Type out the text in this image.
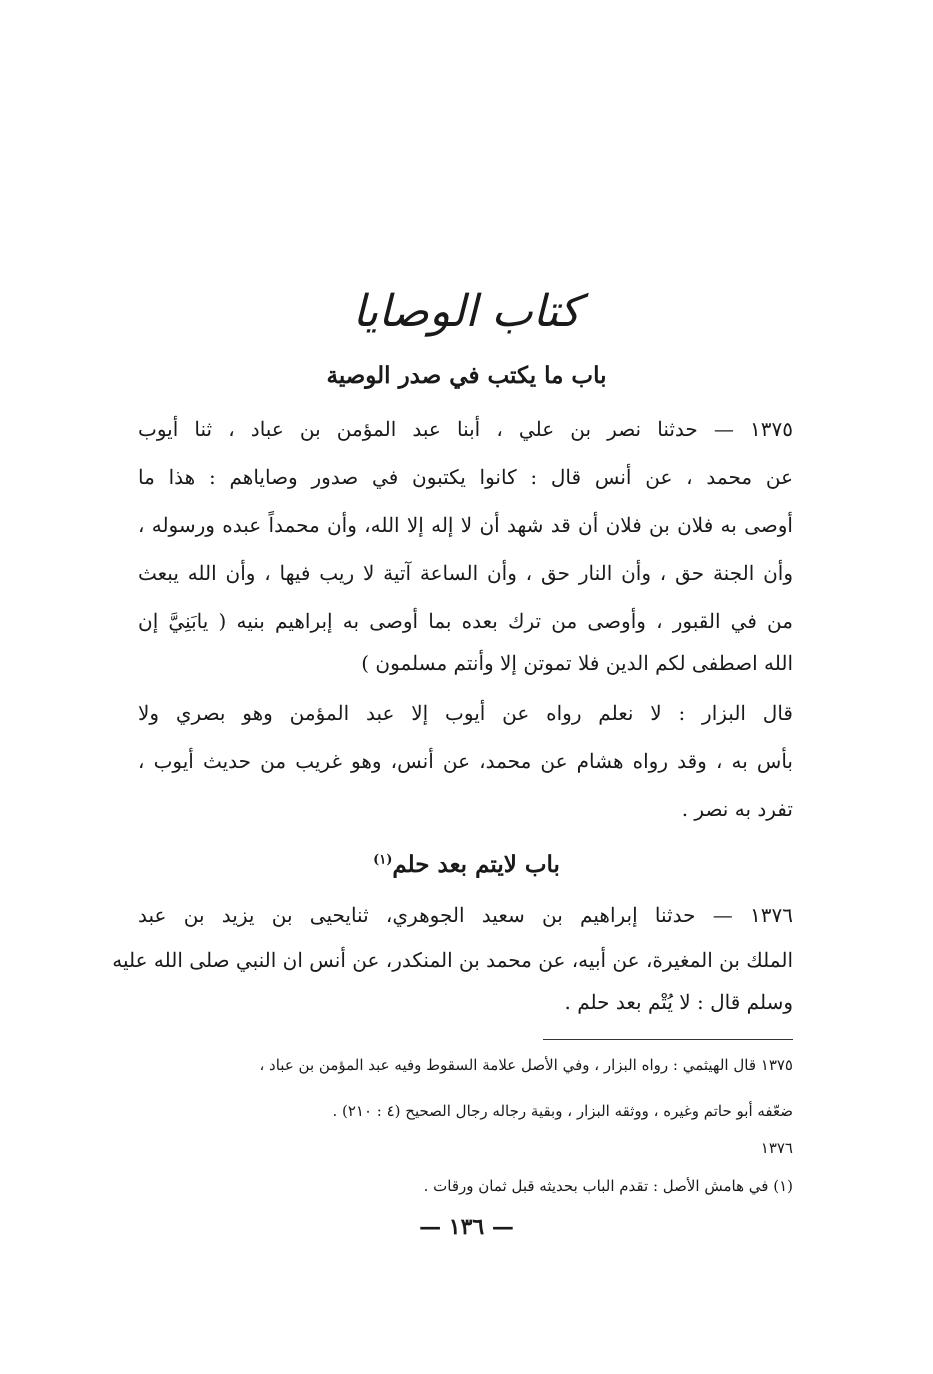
كتاب الوصايا
باب ما يكتب في صدر الوصية
١٣٧٥ — حدثنا نصر بن علي ، أبنا عبد المؤمن بن عباد ، ثنا أيوب
عن محمد ، عن أنس قال : كانوا يكتبون في صدور وصاياهم : هذا ما
أوصى به فلان بن فلان أن قد شهد أن لا إله إلا الله، وأن محمداً عبده ورسوله ،
وأن الجنة حق ، وأن النار حق ، وأن الساعة آتية لا ريب فيها ، وأن الله يبعث
من في القبور ، وأوصى من ترك بعده بما أوصى به إبراهيم بنيه ( يابَنِيَّ إن
الله اصطفى لكم الدين فلا تموتن إلا وأنتم مسلمون )
قال البزار : لا نعلم رواه عن أيوب إلا عبد المؤمن وهو بصري ولا
بأس به ، وقد رواه هشام عن محمد، عن أنس، وهو غريب من حديث أيوب ،
تفرد به نصر .
باب لايتم بعد حلم$^{(١)}$
١٣٧٦ — حدثنا إبراهيم بن سعيد الجوهري، ثنايحيى بن يزيد بن عبد
الملك بن المغيرة، عن أبيه، عن محمد بن المنكدر، عن أنس ان النبي صلى الله عليه
وسلم قال : لا يُتْم بعد حلم .
١٣٧٥ قال الهيثمي : رواه البزار ، وفي الأصل علامة السقوط وفيه عبد المؤمن بن عباد ،
ضعّفه أبو حاتم وغيره ، ووثقه البزار ، وبقية رجاله رجال الصحيح (٤ : ٢١٠) .
١٣٧٦
(١) في هامش الأصل : تقدم الباب بحديثه قبل ثمان ورقات .
— ١٣٦ —
